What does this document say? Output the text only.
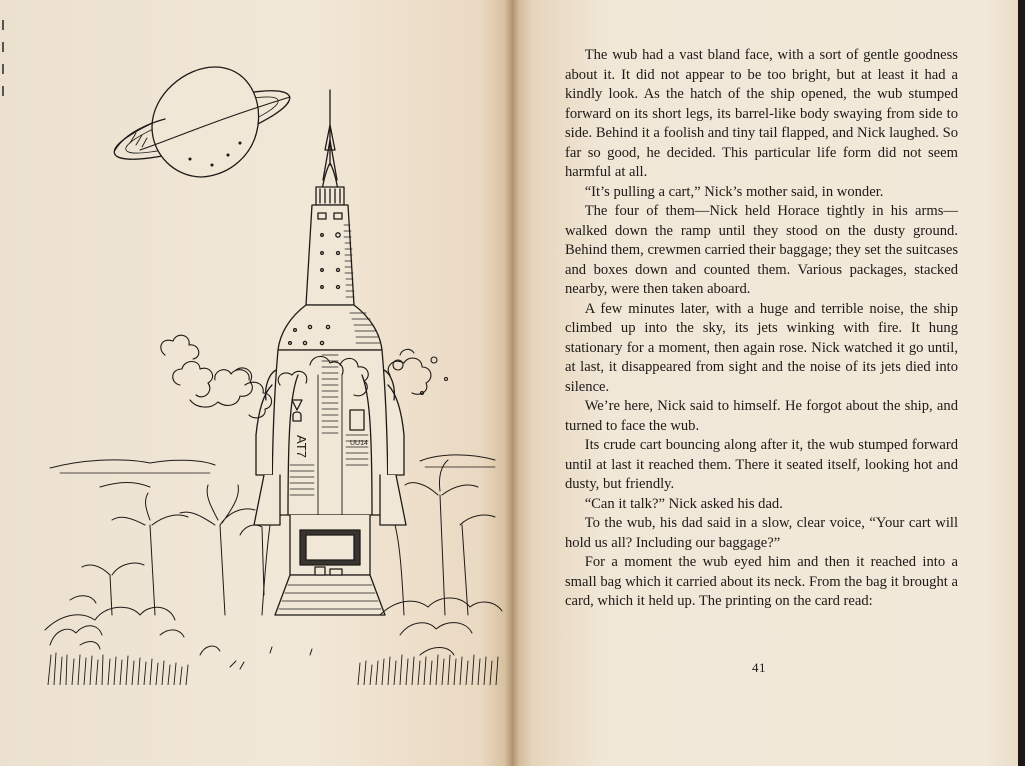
AT7	UU14

The wub had a vast bland face, with a sort of gentle goodness about it. It did not appear to be too bright, but at least it had a kindly look. As the hatch of the ship opened, the wub stumped forward on its short legs, its barrel-like body swaying from side to side. Behind it a foolish and tiny tail flapped, and Nick laughed. So far so good, he decided. This particular life form did not seem harmful at all.

“It’s pulling a cart,” Nick’s mother said, in wonder.

The four of them—Nick held Horace tightly in his arms—walked down the ramp until they stood on the dusty ground. Behind them, crewmen carried their baggage; they set the suitcases and boxes down and counted them. Various packages, stacked nearby, were then taken aboard.

A few minutes later, with a huge and terrible noise, the ship climbed up into the sky, its jets winking with fire. It hung stationary for a moment, then again rose. Nick watched it go until, at last, it disappeared from sight and the noise of its jets died into silence.

We’re here, Nick said to himself. He forgot about the ship, and turned to face the wub.

Its crude cart bouncing along after it, the wub stumped forward until at last it reached them. There it seated itself, looking hot and dusty, but friendly.

“Can it talk?” Nick asked his dad.

To the wub, his dad said in a slow, clear voice, “Your cart will hold us all? Including our baggage?”

For a moment the wub eyed him and then it reached into a small bag which it carried about its neck. From the bag it brought a card, which it held up. The printing on the card read:

41
